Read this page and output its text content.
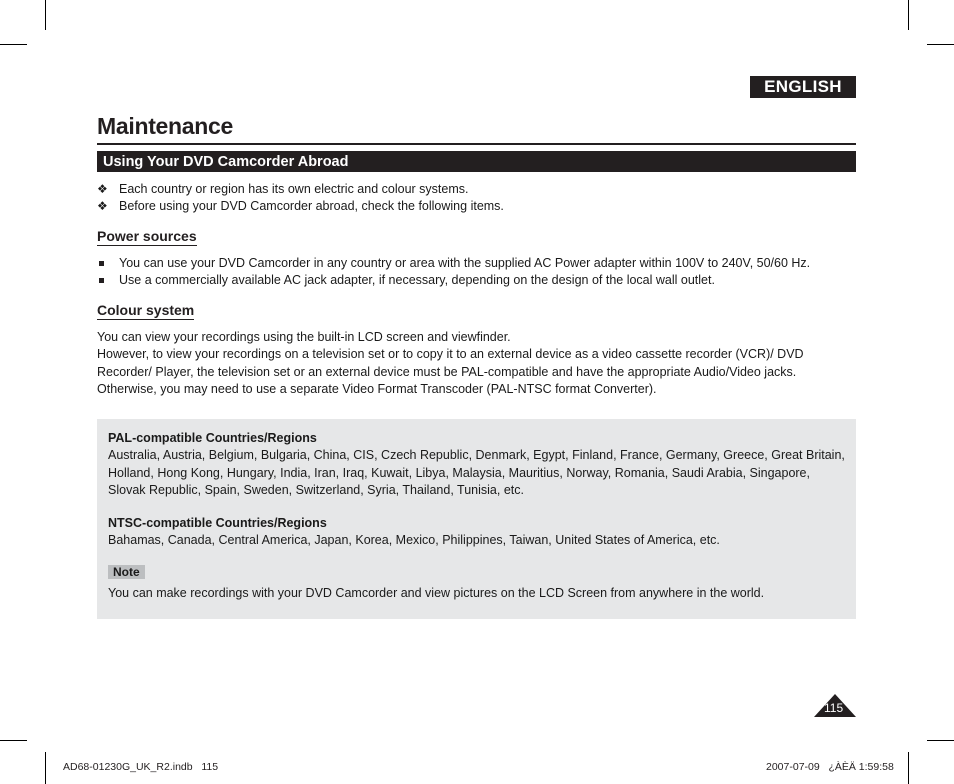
ENGLISH
Maintenance
Using Your DVD Camcorder Abroad
❖ Each country or region has its own electric and colour systems.
❖ Before using your DVD Camcorder abroad, check the following items.
Power sources
You can use your DVD Camcorder in any country or area with the supplied AC Power adapter within 100V to 240V, 50/60 Hz.
Use a commercially available AC jack adapter, if necessary, depending on the design of the local wall outlet.
Colour system
You can view your recordings using the built-in LCD screen and viewfinder.
However, to view your recordings on a television set or to copy it to an external device as a video cassette recorder (VCR)/ DVD Recorder/ Player, the television set or an external device must be PAL-compatible and have the appropriate Audio/Video jacks. Otherwise, you may need to use a separate Video Format Transcoder (PAL-NTSC format Converter).
PAL-compatible Countries/Regions
Australia, Austria, Belgium, Bulgaria, China, CIS, Czech Republic, Denmark, Egypt, Finland, France, Germany, Greece, Great Britain, Holland, Hong Kong, Hungary, India, Iran, Iraq, Kuwait, Libya, Malaysia, Mauritius, Norway, Romania, Saudi Arabia, Singapore, Slovak Republic, Spain, Sweden, Switzerland, Syria, Thailand, Tunisia, etc.
NTSC-compatible Countries/Regions
Bahamas, Canada, Central America, Japan, Korea, Mexico, Philippines, Taiwan, United States of America, etc.
Note
You can make recordings with your DVD Camcorder and view pictures on the LCD Screen from anywhere in the world.
115
AD68-01230G_UK_R2.indb   115	2007-07-09   ¿ÀÈÄ 1:59:58
